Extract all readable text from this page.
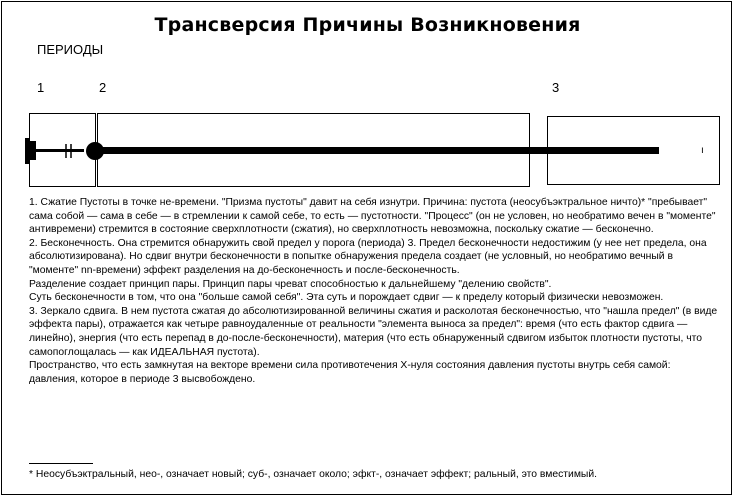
Трансверсия Причины Возникновения
ПЕРИОДЫ
1	2	3
ı

1. Сжатие Пустоты в точке не-времени. "Призма пустоты" давит на себя изнутри. Причина: пустота (неосубъэктральное ничто)* "пребывает" сама собой — сама в себе — в стремлении к самой себе, то есть — пустотности. "Процесс" (он не условен, но необратимо вечен в "моменте" антивремени) стремится в состояние сверхплотности (сжатия), но сверхплотность невозможна, поскольку сжатие — бесконечно.

2. Бесконечность. Она стремится обнаружить свой предел у порога (периода) 3. Предел бесконечности недостижим (у нее нет предела, она абсолютизирована). Но сдвиг внутри бесконечности в попытке обнаружения предела создает (не условный, но необратимо вечный в "моменте" nn-времени) эффект разделения на до-бесконечность и после-бесконечность.

Разделение создает принцип пары. Принцип пары чреват способностью к дальнейшему "делению свойств".

Суть бесконечности в том, что она "больше самой себя". Эта суть и порождает сдвиг — к пределу который физически невозможен.

3. Зеркало сдвига. В нем пустота сжатая до абсолютизированной величины сжатия и расколотая бесконечностью, что "нашла предел" (в виде эффекта пары), отражается как четыре равноудаленные от реальности "элемента выноса за предел": время (что есть фактор сдвига — линейно), энергия (что есть перепад в до-после-бесконечности), материя (что есть обнаруженный сдвигом избыток плотности пустоты, что самопоглощалась — как ИДЕАЛЬНАЯ пустота).

Пространство, что есть замкнутая на векторе времени сила противотечения Х-нуля состояния давления пустоты внутрь себя самой: давления, которое в периоде 3 высвобождено.

* Неосубъэктральный, нео-, означает новый; суб-, означает около; эфкт-, означает эффект; ральный, это вместимый.
